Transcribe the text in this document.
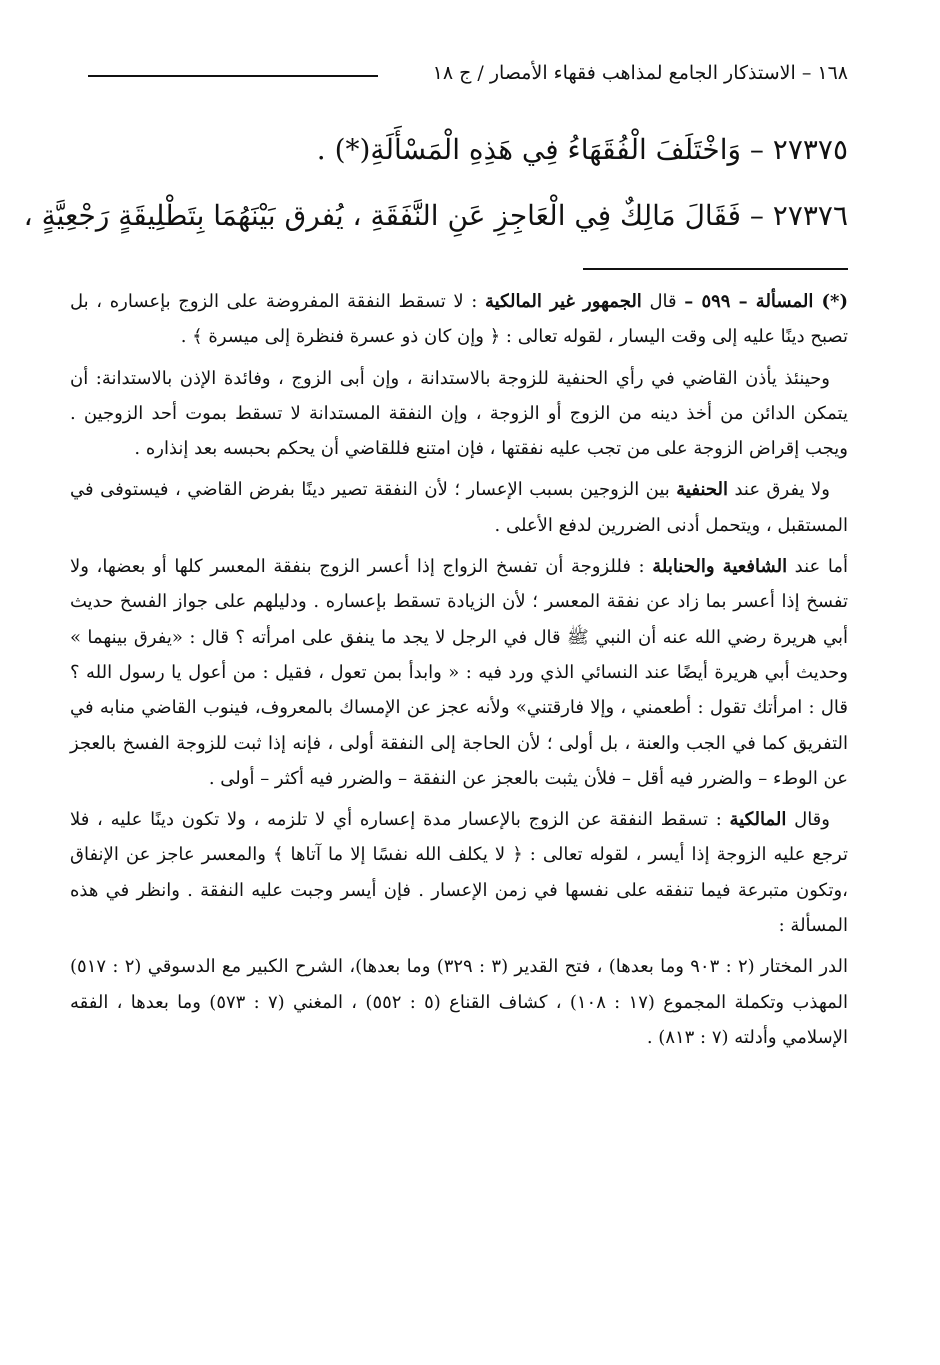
١٦٨ – الاستذكار الجامع لمذاهب فقهاء الأمصار / ج ١٨
٢٧٣٧٥ – وَاخْتَلَفَ الْفُقَهَاءُ فِي هَذِهِ الْمَسْأَلَةِ(*) .
٢٧٣٧٦ – فَقَالَ مَالِكٌ فِي الْعَاجِزِ عَنِ النَّفَقَةِ ، يُفرق بَيْنَهُمَا بِتَطْلِيقَةٍ رَجْعِيَّةٍ ،

(*) المسألة – ٥٩٩ – قال الجمهور غير المالكية : لا تسقط النفقة المفروضة على الزوج بإعساره ، بل تصبح دينًا عليه إلى وقت اليسار ، لقوله تعالى : ﴿ وإن كان ذو عسرة فنظرة إلى ميسرة ﴾ .

وحينئذ يأذن القاضي في رأي الحنفية للزوجة بالاستدانة ، وإن أبى الزوج ، وفائدة الإذن بالاستدانة: أن يتمكن الدائن من أخذ دينه من الزوج أو الزوجة ، وإن النفقة المستدانة لا تسقط بموت أحد الزوجين . ويجب إقراض الزوجة على من تجب عليه نفقتها ، فإن امتنع فللقاضي أن يحكم بحبسه بعد إنذاره .

ولا يفرق عند الحنفية بين الزوجين بسبب الإعسار ؛ لأن النفقة تصير دينًا بفرض القاضي ، فيستوفى في المستقبل ، ويتحمل أدنى الضررين لدفع الأعلى .

أما عند الشافعية والحنابلة : فللزوجة أن تفسخ الزواج إذا أعسر الزوج بنفقة المعسر كلها أو بعضها، ولا تفسخ إذا أعسر بما زاد عن نفقة المعسر ؛ لأن الزيادة تسقط بإعساره . ودليلهم على جواز الفسخ حديث أبي هريرة رضي الله عنه أن النبي ﷺ قال في الرجل لا يجد ما ينفق على امرأته ؟ قال : «يفرق بينهما » وحديث أبي هريرة أيضًا عند النسائي الذي ورد فيه : « وابدأ بمن تعول ، فقيل : من أعول يا رسول الله ؟ قال : امرأتك تقول : أطعمني ، وإلا فارقتني» ولأنه عجز عن الإمساك بالمعروف، فينوب القاضي منابه في التفريق كما في الجب والعنة ، بل أولى ؛ لأن الحاجة إلى النفقة أولى ، فإنه إذا ثبت للزوجة الفسخ بالعجز عن الوطء – والضرر فيه أقل – فلأن يثبت بالعجز عن النفقة – والضرر فيه أكثر – أولى .

وقال المالكية : تسقط النفقة عن الزوج بالإعسار مدة إعساره أي لا تلزمه ، ولا تكون دينًا عليه ، فلا ترجع عليه الزوجة إذا أيسر ، لقوله تعالى : ﴿ لا يكلف الله نفسًا إلا ما آتاها ﴾ والمعسر عاجز عن الإنفاق ،وتكون متبرعة فيما تنفقه على نفسها في زمن الإعسار . فإن أيسر وجبت عليه النفقة . وانظر في هذه المسألة :

الدر المختار (٢ : ٩٠٣ وما بعدها) ، فتح القدير (٣ : ٣٢٩) وما بعدها)، الشرح الكبير مع الدسوقي (٢ : ٥١٧) المهذب وتكملة المجموع (١٧ : ١٠٨) ، كشاف القناع (٥ : ٥٥٢) ، المغني (٧ : ٥٧٣) وما بعدها ، الفقه الإسلامي وأدلته (٧ : ٨١٣) .
